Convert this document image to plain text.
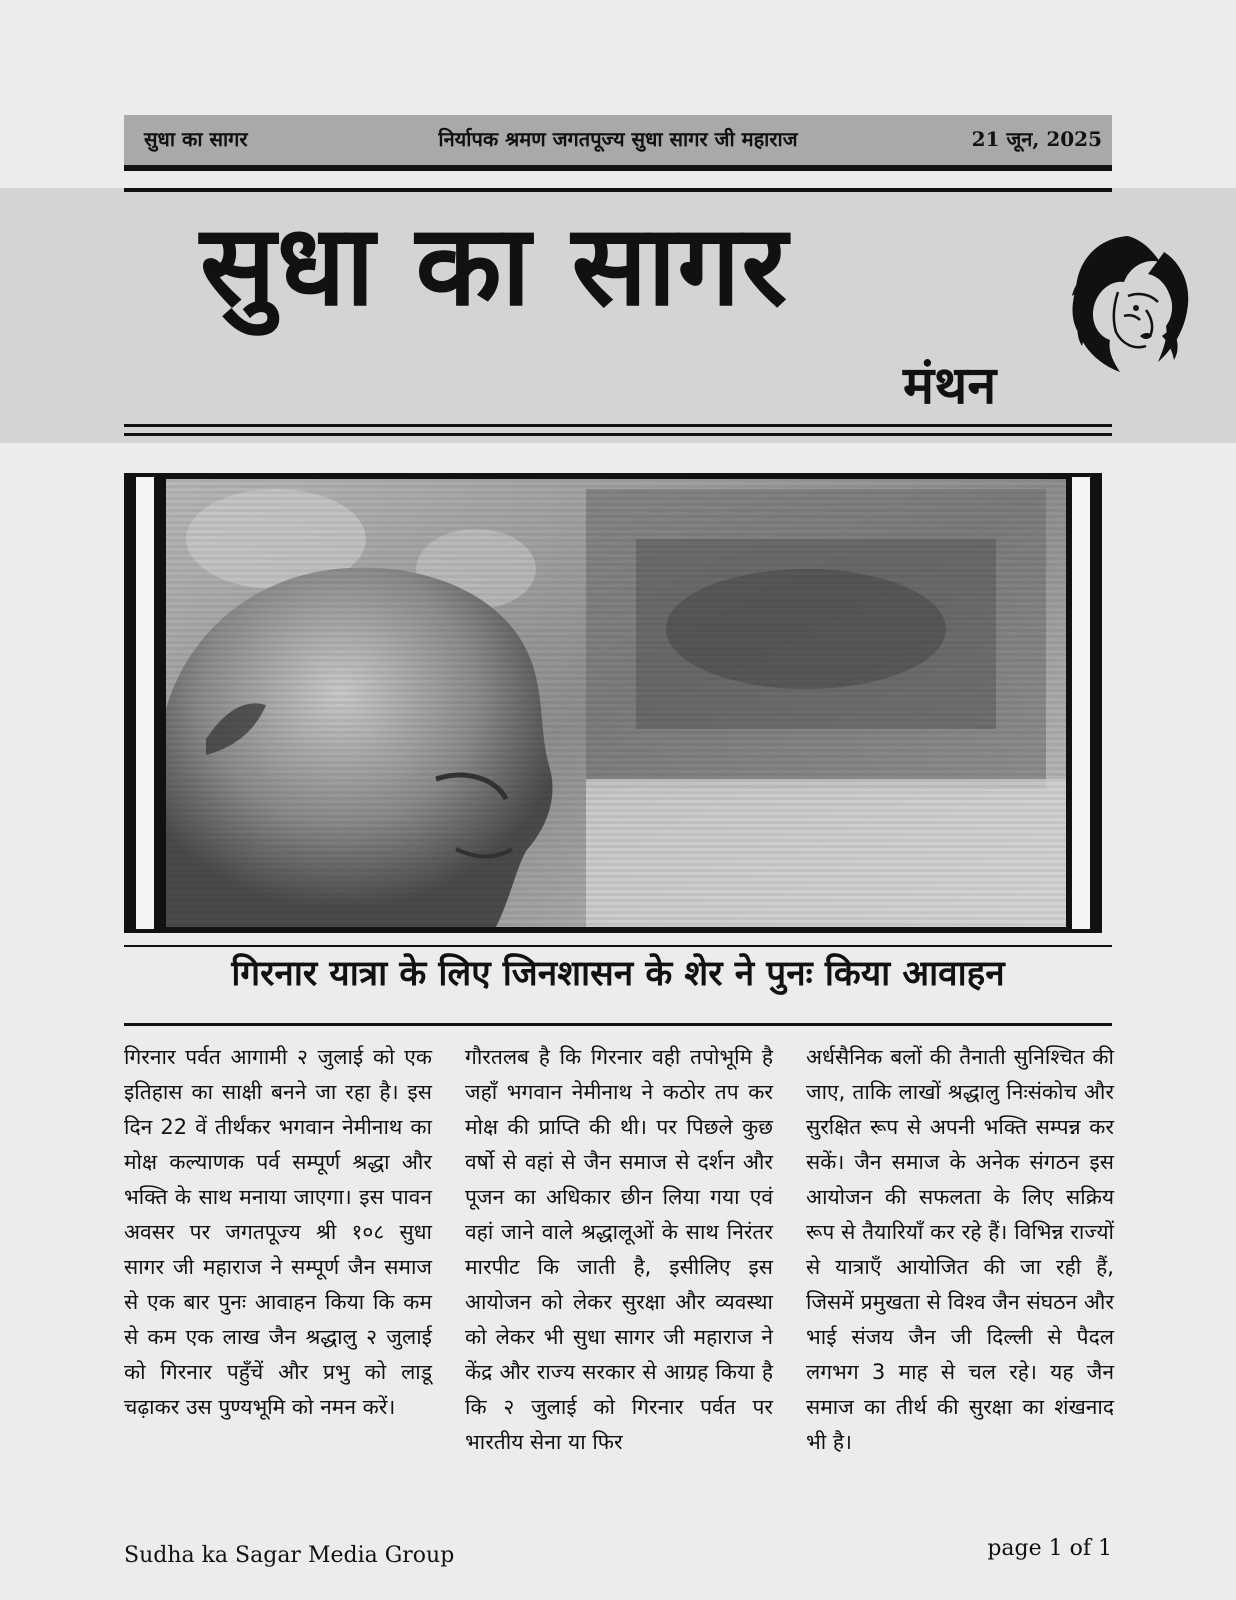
सुधा का सागर	निर्यापक श्रमण जगतपूज्य सुधा सागर जी महाराज	21 जून, 2025
सुधा का सागर
मंथन
गिरनार यात्रा के लिए जिनशासन के शेर ने पुनः किया आवाहन
गिरनार पर्वत आगामी २ जुलाई को एक इतिहास का साक्षी बनने जा रहा है। इस दिन 22 वें तीर्थंकर भगवान नेमीनाथ का मोक्ष कल्याणक पर्व सम्पूर्ण श्रद्धा और भक्ति के साथ मनाया जाएगा। इस पावन अवसर पर जगतपूज्य श्री १०८ सुधा सागर जी महाराज ने सम्पूर्ण जैन समाज से एक बार पुनः आवाहन किया कि कम से कम एक लाख जैन श्रद्धालु २ जुलाई को गिरनार पहुँचें और प्रभु को लाडू चढ़ाकर उस पुण्यभूमि को नमन करें।
गौरतलब है कि गिरनार वही तपोभूमि है जहाँ भगवान नेमीनाथ ने कठोर तप कर मोक्ष की प्राप्ति की थी। पर पिछले कुछ वर्षो से वहां से जैन समाज से दर्शन और पूजन का अधिकार छीन लिया गया एवं वहां जाने वाले श्रद्धालूओं के साथ निरंतर मारपीट कि जाती है, इसीलिए इस आयोजन को लेकर सुरक्षा और व्यवस्था को लेकर भी सुधा सागर जी महाराज ने केंद्र और राज्य सरकार से आग्रह किया है कि २ जुलाई को गिरनार पर्वत पर भारतीय सेना या फिर
अर्धसैनिक बलों की तैनाती सुनिश्चित की जाए, ताकि लाखों श्रद्धालु निःसंकोच और सुरक्षित रूप से अपनी भक्ति सम्पन्न कर सकें। जैन समाज के अनेक संगठन इस आयोजन की सफलता के लिए सक्रिय रूप से तैयारियाँ कर रहे हैं। विभिन्न राज्यों से यात्राएँ आयोजित की जा रही हैं, जिसमें प्रमुखता से विश्व जैन संघठन और भाई संजय जैन जी दिल्ली से पैदल लगभग 3 माह से चल रहे। यह जैन समाज का तीर्थ की सुरक्षा का शंखनाद भी है।
Sudha ka Sagar Media Group	page 1 of 1
